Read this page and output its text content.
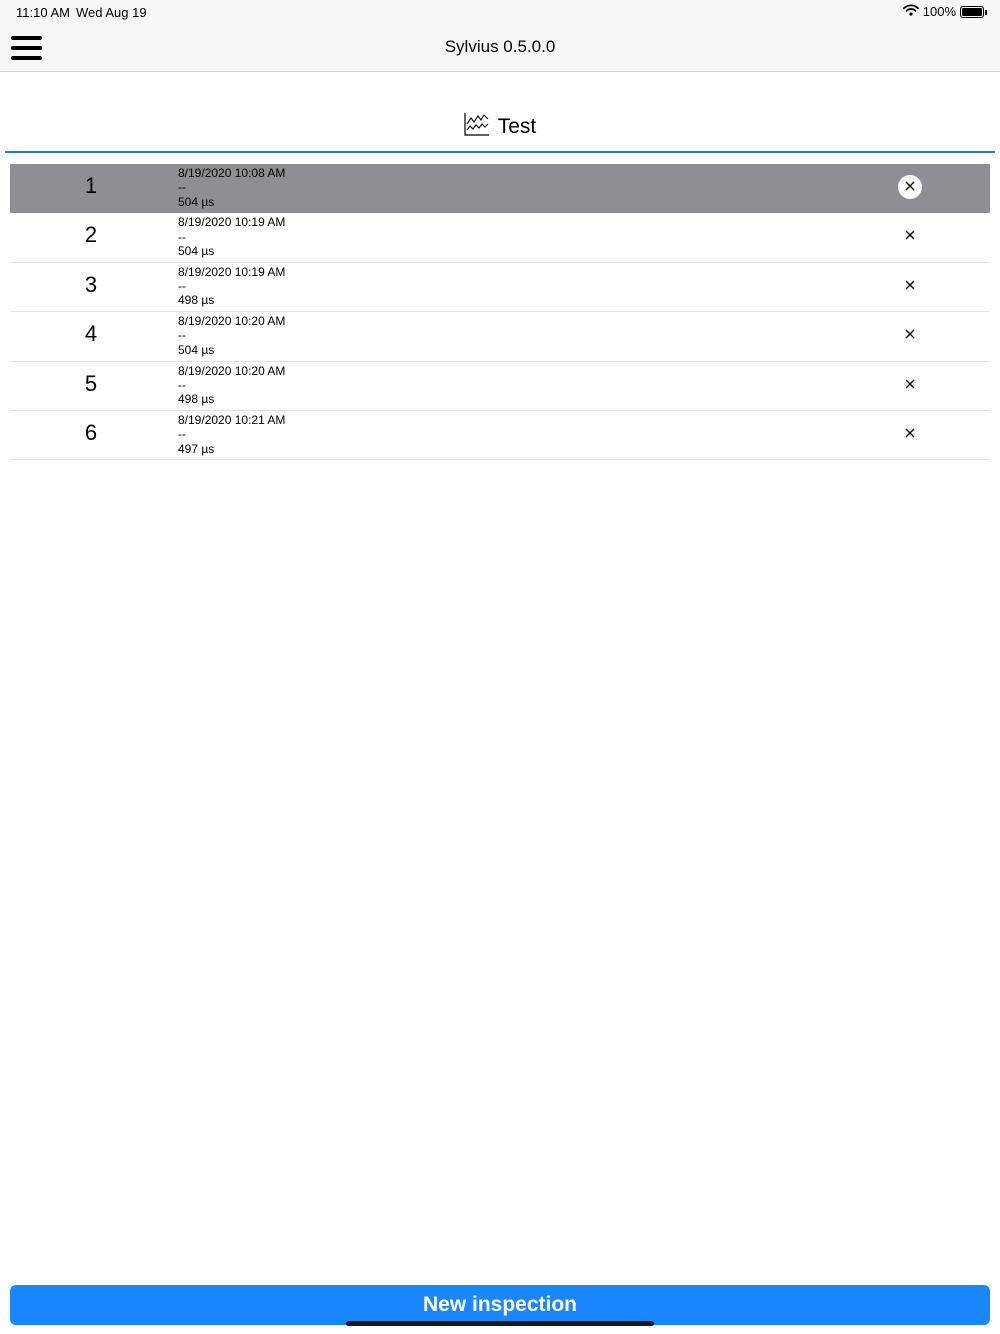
11:10 AM Wed Aug 19	100%
Sylvius 0.5.0.0
Test
1	8/19/2020 10:08 AM
--
504 µs
2	8/19/2020 10:19 AM
--
504 µs
3	8/19/2020 10:19 AM
--
498 µs
4	8/19/2020 10:20 AM
--
504 µs
5	8/19/2020 10:20 AM
--
498 µs
6	8/19/2020 10:21 AM
--
497 µs
New inspection
